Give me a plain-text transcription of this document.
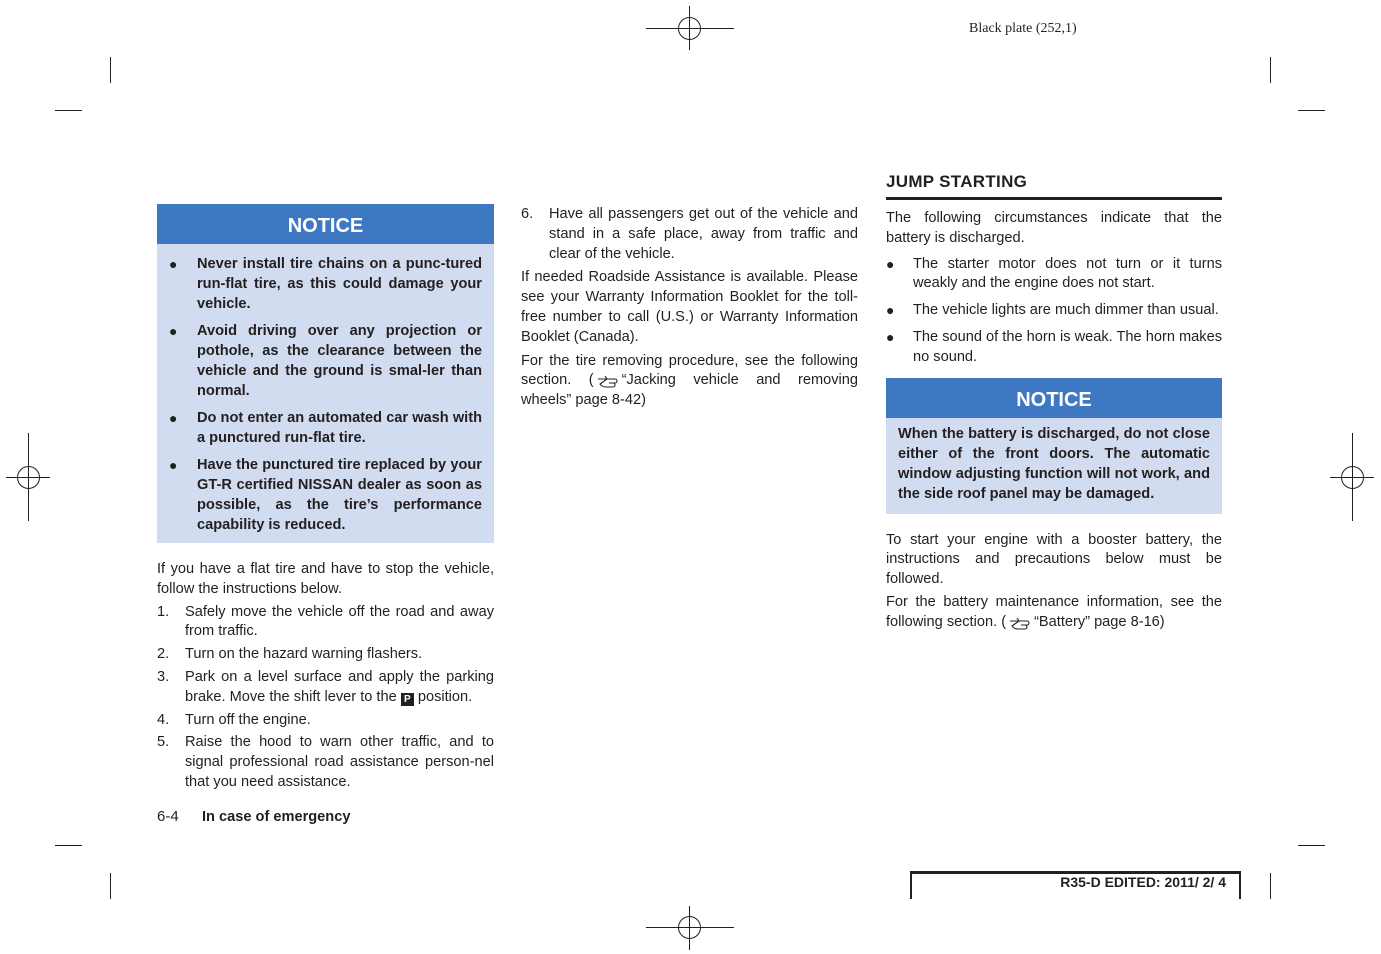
Black plate (252,1)
NOTICE
● Never install tire chains on a punc-tured run-flat tire, as this could damage your vehicle.
● Avoid driving over any projection or pothole, as the clearance between the vehicle and the ground is smal-ler than normal.
● Do not enter an automated car wash with a punctured run-flat tire.
● Have the punctured tire replaced by your GT-R certified NISSAN dealer as soon as possible, as the tire’s performance capability is reduced.

If you have a flat tire and have to stop the vehicle, follow the instructions below.

1. Safely move the vehicle off the road and away from traffic.
2. Turn on the hazard warning flashers.
3. Park on a level surface and apply the parking brake. Move the shift lever to the P position.
4. Turn off the engine.
5. Raise the hood to warn other traffic, and to signal professional road assistance person-nel that you need assistance.
6. Have all passengers get out of the vehicle and stand in a safe place, away from traffic and clear of the vehicle.

If needed Roadside Assistance is available. Please see your Warranty Information Booklet for the toll-free number to call (U.S.) or Warranty Information Booklet (Canada).

For the tire removing procedure, see the following section. ( “Jacking vehicle and removing wheels” page 8-42)

JUMP STARTING

The following circumstances indicate that the battery is discharged.

● The starter motor does not turn or it turns weakly and the engine does not start.
● The vehicle lights are much dimmer than usual.
● The sound of the horn is weak. The horn makes no sound.
NOTICE
When the battery is discharged, do not close either of the front doors. The automatic window adjusting function will not work, and the side roof panel may be damaged.

To start your engine with a booster battery, the instructions and precautions below must be followed.

For the battery maintenance information, see the following section. ( “Battery” page 8-16)

6-4 In case of emergency
R35-D EDITED: 2011/ 2/ 4
